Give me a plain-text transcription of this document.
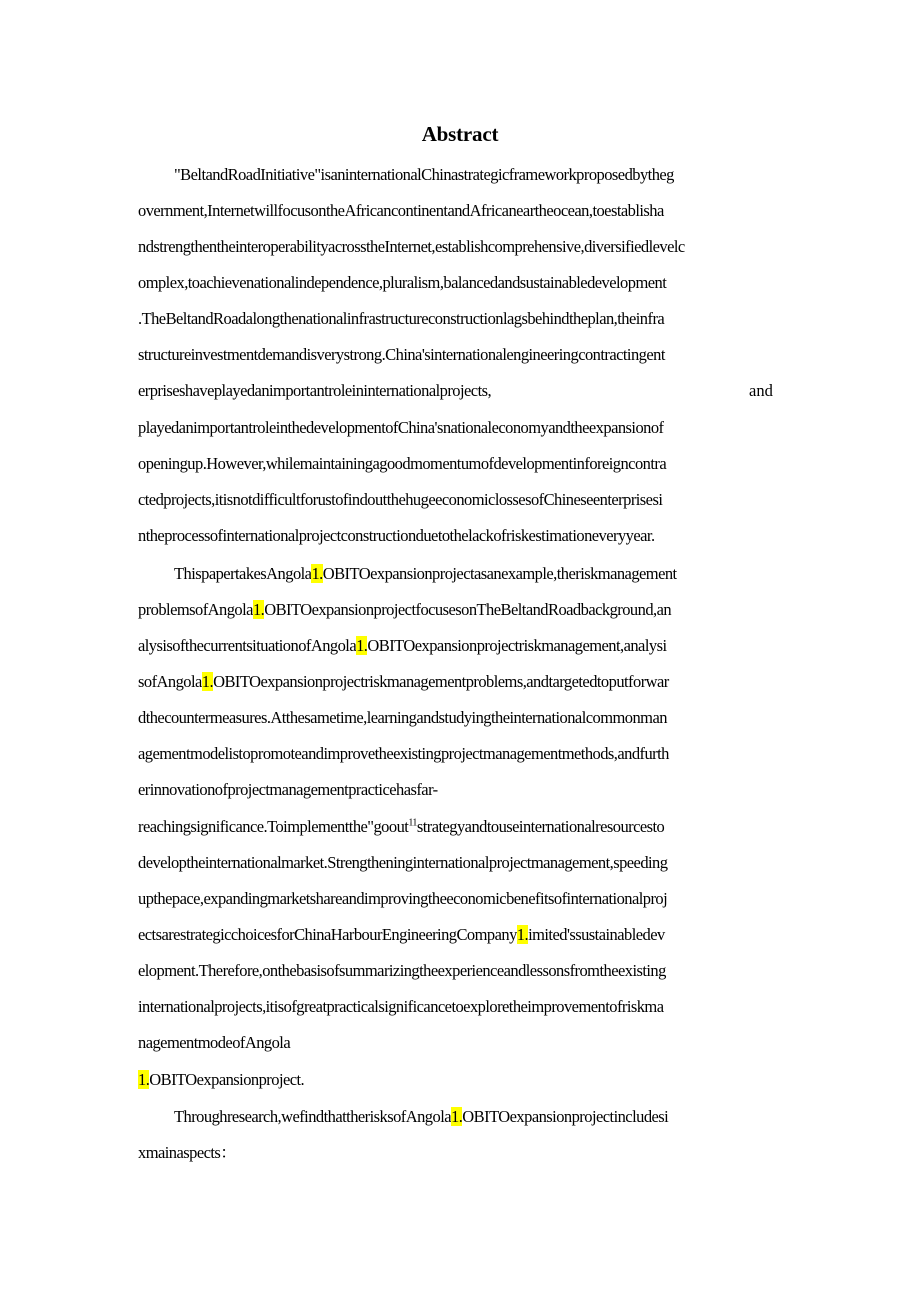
Abstract
"BeltandRoadInitiative"isaninternationalChinastrategicframeworkproposedbytheg
overnment,InternetwillfocusontheAfricancontinentandAfricaneartheocean,toestablisha
ndstrengthentheinteroperabilityacrosstheInternet,establishcomprehensive,diversifiedlevelc
omplex,toachievenationalindependence,pluralism,balancedandsustainabledevelopment
.TheBeltandRoadalongthenationalinfrastructureconstructionlagsbehindtheplan,theinfra
structureinvestmentdemandisverystrong.China'sinternationalengineeringcontractingent
erpriseshaveplayedanimportantroleininternationalprojects,	and
playedanimportantroleinthedevelopmentofChina'snationaleconomyandtheexpansionof
openingup.However,whilemaintainingagoodmomentumofdevelopmentinforeigncontra
ctedprojects,itisnotdifficultforustofindoutthehugeeconomiclossesofChineseenterprisesi
ntheprocessofinternationalprojectconstructionduetothelackofriskestimationeveryyear.
ThispapertakesAngola1.OBITOexpansionprojectasanexample,theriskmanagement
problemsofAngola1.OBITOexpansionprojectfocusesonTheBeltandRoadbackground,an
alysisofthecurrentsituationofAngola1.OBITOexpansionprojectriskmanagement,analysi
sofAngola1.OBITOexpansionprojectriskmanagementproblems,andtargetedtoputforwar
dthecountermeasures.Atthesametime,learningandstudyingtheinternationalcommonman
agementmodelistopromoteandimprovetheexistingprojectmanagementmethods,andfurth
erinnovationofprojectmanagementpracticehasfar-
reachingsignificance.Toimplementthe"goout$^{11}$strategyandtouseinternationalresourcesto
developtheinternationalmarket.Strengtheninginternationalprojectmanagement,speeding
upthepace,expandingmarketshareandimprovingtheeconomicbenefitsofinternationalproj
ectsarestrategicchoicesforChinaHarbourEngineeringCompany1.imited'ssustainabledev
elopment.Therefore,onthebasisofsummarizingtheexperienceandlessonsfromtheexisting
internationalprojects,itisofgreatpracticalsignificancetoexploretheimprovementofriskma
nagementmodeofAngola
1.OBITOexpansionproject.
Throughresearch,wefindthattherisksofAngola1.OBITOexpansionprojectincludesi
xmainaspects：
